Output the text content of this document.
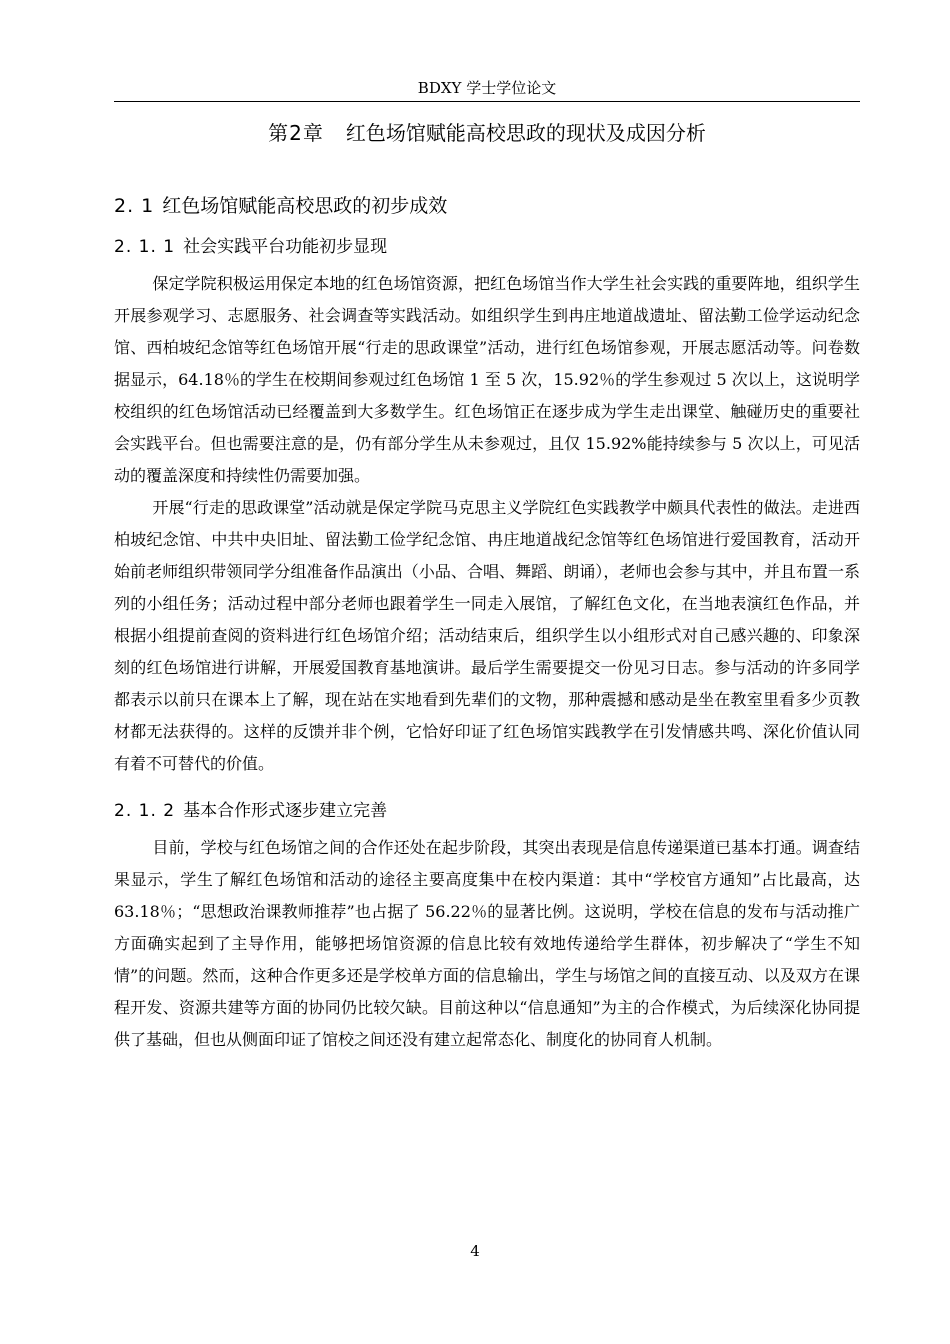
BDXY 学士学位论文
第2章 红色场馆赋能高校思政的现状及成因分析
2. 1 红色场馆赋能高校思政的初步成效
2. 1. 1 社会实践平台功能初步显现

保定学院积极运用保定本地的红色场馆资源，把红色场馆当作大学生社会实践的重要阵地，组织学生开展参观学习、志愿服务、社会调查等实践活动。如组织学生到冉庄地道战遗址、留法勤工俭学运动纪念馆、西柏坡纪念馆等红色场馆开展“行走的思政课堂”活动，进行红色场馆参观，开展志愿活动等。问卷数据显示，64.18％的学生在校期间参观过红色场馆 1 至 5 次，15.92％的学生参观过 5 次以上，这说明学校组织的红色场馆活动已经覆盖到大多数学生。红色场馆正在逐步成为学生走出课堂、触碰历史的重要社会实践平台。但也需要注意的是，仍有部分学生从未参观过，且仅 15.92%能持续参与 5 次以上，可见活动的覆盖深度和持续性仍需要加强。

开展“行走的思政课堂”活动就是保定学院马克思主义学院红色实践教学中颇具代表性的做法。走进西柏坡纪念馆、中共中央旧址、留法勤工俭学纪念馆、冉庄地道战纪念馆等红色场馆进行爱国教育，活动开始前老师组织带领同学分组准备作品演出（小品、合唱、舞蹈、朗诵），老师也会参与其中，并且布置一系列的小组任务；活动过程中部分老师也跟着学生一同走入展馆，了解红色文化，在当地表演红色作品，并根据小组提前查阅的资料进行红色场馆介绍；活动结束后，组织学生以小组形式对自己感兴趣的、印象深刻的红色场馆进行讲解，开展爱国教育基地演讲。最后学生需要提交一份见习日志。参与活动的许多同学都表示以前只在课本上了解，现在站在实地看到先辈们的文物，那种震撼和感动是坐在教室里看多少页教材都无法获得的。这样的反馈并非个例，它恰好印证了红色场馆实践教学在引发情感共鸣、深化价值认同有着不可替代的价值。

2. 1. 2 基本合作形式逐步建立完善

目前，学校与红色场馆之间的合作还处在起步阶段，其突出表现是信息传递渠道已基本打通。调查结果显示，学生了解红色场馆和活动的途径主要高度集中在校内渠道：其中“学校官方通知”占比最高，达 63.18％；“思想政治课教师推荐”也占据了 56.22％的显著比例。这说明，学校在信息的发布与活动推广方面确实起到了主导作用，能够把场馆资源的信息比较有效地传递给学生群体，初步解决了“学生不知情”的问题。然而，这种合作更多还是学校单方面的信息输出，学生与场馆之间的直接互动、以及双方在课程开发、资源共建等方面的协同仍比较欠缺。目前这种以“信息通知”为主的合作模式，为后续深化协同提供了基础，但也从侧面印证了馆校之间还没有建立起常态化、制度化的协同育人机制。

4
